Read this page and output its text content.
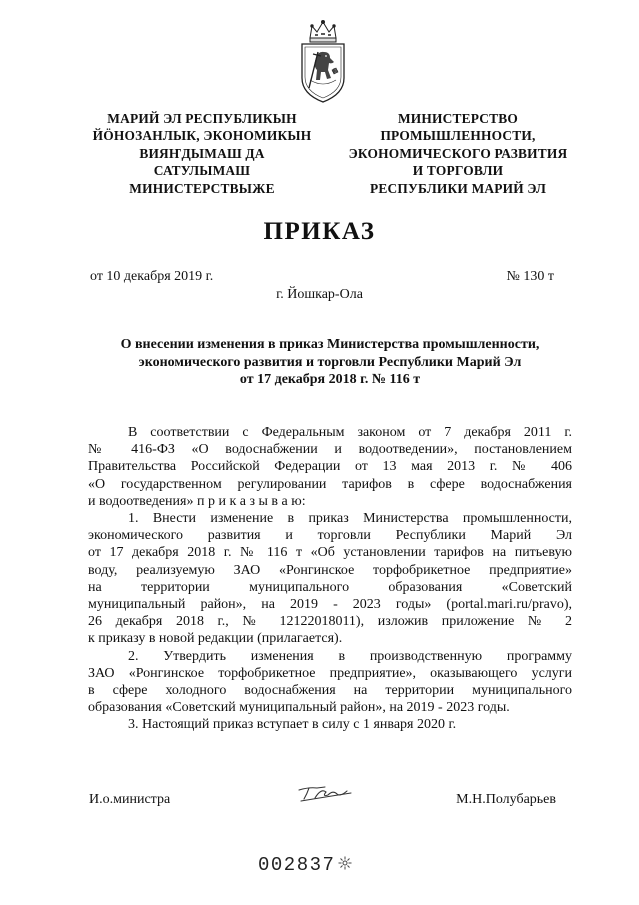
МАРИЙ ЭЛ РЕСПУБЛИКЫН
ЙӦНОЗАНЛЫК, ЭКОНОМИКЫН
ВИЯҤДЫМАШ ДА
САТУЛЫМАШ
МИНИСТЕРСТВЫЖЕ
МИНИСТЕРСТВО
ПРОМЫШЛЕННОСТИ,
ЭКОНОМИЧЕСКОГО РАЗВИТИЯ
И ТОРГОВЛИ
РЕСПУБЛИКИ МАРИЙ ЭЛ
ПРИКАЗ
от 10 декабря 2019 г.	№ 130 т
г. Йошкар-Ола
О внесении изменения в приказ Министерства промышленности,
экономического развития и торговли Республики Марий Эл
от 17 декабря 2018 г. № 116 т
В соответствии с Федеральным законом от 7 декабря 2011 г.
№ 416-ФЗ «О водоснабжении и водоотведении», постановлением
Правительства Российской Федерации от 13 мая 2013 г. № 406
«О государственном регулировании тарифов в сфере водоснабжения
и водоотведения» п р и к а з ы в а ю:
1. Внести изменение в приказ Министерства промышленности,
экономического развития и торговли Республики Марий Эл
от 17 декабря 2018 г. № 116 т «Об установлении тарифов на питьевую
воду, реализуемую ЗАО «Ронгинское торфобрикетное предприятие»
на территории муниципального образования «Советский
муниципальный район», на 2019 - 2023 годы» (portal.mari.ru/pravo),
26 декабря 2018 г., № 12122018011), изложив приложение № 2
к приказу в новой редакции (прилагается).
2. Утвердить изменения в производственную программу
ЗАО «Ронгинское торфобрикетное предприятие», оказывающего услуги
в сфере холодного водоснабжения на территории муниципального
образования «Советский муниципальный район», на 2019 - 2023 годы.
3. Настоящий приказ вступает в силу с 1 января 2020 г.
И.о.министра	М.Н.Полубарьев
002837
